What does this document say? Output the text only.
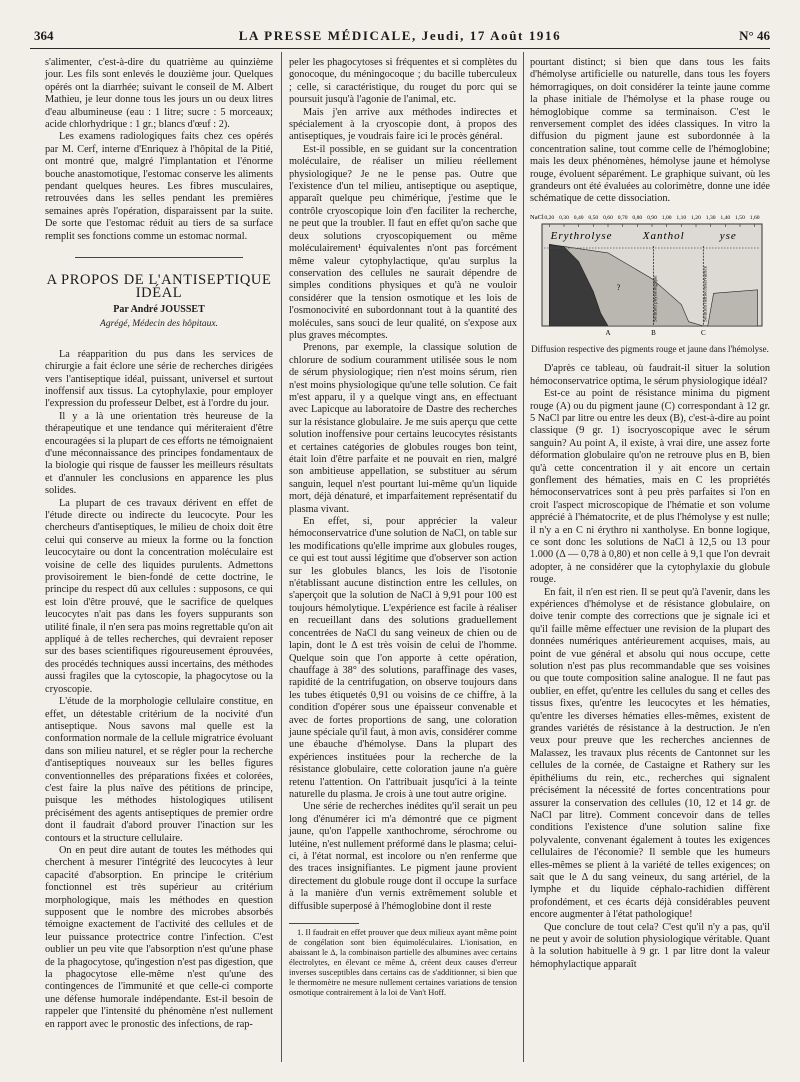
364	LA PRESSE MÉDICALE, Jeudi, 17 Août 1916	N° 46

s'alimenter, c'est-à-dire du quatrième au quinzième jour. Les fils sont enlevés le douzième jour. Quelques opérés ont la diarrhée; suivant le conseil de M. Albert Mathieu, je leur donne tous les jours un ou deux litres d'eau albumineuse (eau : 1 litre; sucre : 5 morceaux; acide chlorhydrique : 1 gr.; blancs d'œuf : 2).

Les examens radiologiques faits chez ces opérés par M. Cerf, interne d'Enriquez à l'hôpital de la Pitié, ont montré que, malgré l'implantation et l'énorme bouche anastomotique, l'estomac conserve les aliments pendant quelques heures. Les fibres musculaires, retrouvées dans les selles pendant les premières semaines après l'opération, disparaissent par la suite. De sorte que l'estomac réduit au tiers de sa surface remplit ses fonctions comme un estomac normal.

A PROPOS DE L'ANTISEPTIQUE IDÉAL
Par André JOUSSET
Agrégé, Médecin des hôpitaux.

La réapparition du pus dans les services de chirurgie a fait éclore une série de recherches dirigées vers l'antiseptique idéal, puissant, universel et surtout inoffensif aux tissus. La cytophylaxie, pour employer l'expression du professeur Delbet, est à l'ordre du jour.

Il y a là une orientation très heureuse de la thérapeutique et une tendance qui mériteraient d'être encouragées si la plupart de ces efforts ne témoignaient d'une méconnaissance des principes fondamentaux de la biologie qui risque de fausser les meilleurs résultats et d'annuler les conclusions en apparence les plus solides.

La plupart de ces travaux dérivent en effet de l'étude directe ou indirecte du leucocyte. Pour les chercheurs d'antiseptiques, le milieu de choix doit être celui qui conserve au mieux la forme ou la fonction leucocytaire ou dont la concentration moléculaire est voisine de celle des liquides purulents. Admettons provisoirement le bien-fondé de cette doctrine, le principe du respect dû aux cellules : supposons, ce qui est loin d'être prouvé, que le sacrifice de quelques leucocytes n'ait pas dans les foyers suppurants son utilité finale, il n'en sera pas moins regrettable qu'on ait appliqué à de telles recherches, qui devraient reposer sur des bases scientifiques rigoureusement éprouvées, des procédés techniques aussi incertains, des méthodes aussi fragiles que la cytoscopie, la phagocytose ou la cryoscopie.

L'étude de la morphologie cellulaire constitue, en effet, un détestable critérium de la nocivité d'un antiseptique. Nous savons mal quelle est la conformation normale de la cellule migratrice évoluant dans son milieu naturel, et se régler pour la recherche d'antiseptiques nouveaux sur les belles figures conventionnelles des préparations fixées et colorées, c'est faire la plus naïve des pétitions de principe, puisque les méthodes histologiques utilisent précisément des agents antiseptiques de premier ordre dont il faudrait d'abord prouver l'inaction sur les contours et la structure cellulaire.

On en peut dire autant de toutes les méthodes qui cherchent à mesurer l'intégrité des leucocytes à leur capacité d'absorption. En principe le critérium fonctionnel est très supérieur au critérium morphologique, mais les méthodes en question supposent que le nombre des microbes absorbés témoigne exactement de l'activité des cellules et de leur puissance protectrice contre l'infection. C'est oublier un peu vite que l'absorption n'est qu'une phase de la phagocytose, qu'ingestion n'est pas digestion, que la phagocytose elle-même n'est qu'une des contingences de l'immunité et que celle-ci comporte une défense humorale indépendante. Est-il besoin de rappeler que l'intensité du phénomène n'est nullement en rapport avec le pronostic des infections, de rap-

peler les phagocytoses si fréquentes et si complètes du gonocoque, du méningocoque ; du bacille tuberculeux ; celle, si caractéristique, du rouget du porc qui se poursuit jusqu'à l'agonie de l'animal, etc.

Mais j'en arrive aux méthodes indirectes et spécialement à la cryoscopie dont, à propos des antiseptiques, je voudrais faire ici le procès général.

Est-il possible, en se guidant sur la concentration moléculaire, de réaliser un milieu réellement physiologique? Je ne le pense pas. Outre que l'existence d'un tel milieu, antiseptique ou aseptique, apparaît quelque peu chimérique, j'estime que le contrôle cryoscopique loin d'en faciliter la recherche, ne peut que la troubler. Il faut en effet qu'on sache que deux solutions cryoscopiquement ou même moléculairement¹ équivalentes n'ont pas forcément même valeur cytophylactique, qu'au surplus la conservation des cellules ne saurait dépendre de simples conditions physiques et qu'à ne vouloir considérer que la tension osmotique et les lois de l'osmonocivité en subordonnant tout à la quantité des molécules, sans souci de leur qualité, on s'expose aux plus graves mécomptes.

Prenons, par exemple, la classique solution de chlorure de sodium couramment utilisée sous le nom de sérum physiologique; rien n'est moins sérum, rien n'est moins physiologique qu'une telle solution. Ce fait m'est apparu, il y a quelque vingt ans, en effectuant avec Lapicque au laboratoire de Dastre des recherches sur la résistance globulaire. Je me suis aperçu que cette solution inoffensive pour certains leucocytes résistants et certaines catégories de globules rouges bon teint, était loin d'être parfaite et ne pouvait en rien, malgré son ambitieuse appellation, se substituer au sérum sanguin, lequel n'est pourtant lui-même qu'un liquide mort, déjà dénaturé, et imparfaitement représentatif du plasma vivant.

En effet, si, pour apprécier la valeur hémoconservatrice d'une solution de NaCl, on table sur les modifications qu'elle imprime aux globules rouges, ce qui est tout aussi légitime que d'observer son action sur les globules blancs, les lois de l'isotonie n'établissant aucune distinction entre les cellules, on s'aperçoit que la solution de NaCl à 9,91 pour 100 est toujours hémolytique. L'expérience est facile à réaliser en recueillant dans des solutions graduellement concentrées de NaCl du sang veineux de chien ou de lapin, dont le Δ est très voisin de celui de l'homme. Quelque soin que l'on apporte à cette opération, chauffage à 38° des solutions, paraffinage des vases, rapidité de la centrifugation, on observe toujours dans les tubes étiquetés 0,91 ou voisins de ce chiffre, à la condition d'opérer sous une épaisseur convenable et avec de fortes proportions de sang, une coloration jaune spéciale qu'il faut, à mon avis, considérer comme une ébauche d'hémolyse. Dans la plupart des expériences instituées pour la recherche de la résistance globulaire, cette coloration jaune n'a guère retenu l'attention. On l'attribuait jusqu'ici à la teinte naturelle du plasma. Je crois à une tout autre origine.

Une série de recherches inédites qu'il serait un peu long d'énumérer ici m'a démontré que ce pigment jaune, qu'on l'appelle xanthochrome, sérochrome ou lutéine, n'est nullement préformé dans le plasma; celui-ci, à l'état normal, est incolore ou n'en renferme que des traces insignifiantes. Le pigment jaune provient directement du globule rouge dont il occupe la surface à la manière d'un vernis extrêmement soluble et diffusible superposé à l'hémoglobine dont il reste

1. Il faudrait en effet prouver que deux milieux ayant même point de congélation sont bien équimoléculaires. L'ionisation, en abaissant le Δ, la combinaison partielle des albumines avec certains électrolytes, en élevant ce même Δ, créent deux causes d'erreur inverses susceptibles dans certains cas de s'additionner, si bien que le thermomètre ne mesure nullement certaines variations de tension osmotique contrairement à la loi de Van't Hoff.

pourtant distinct; si bien que dans tous les faits d'hémolyse artificielle ou naturelle, dans tous les foyers hémorragiques, on doit considérer la teinte jaune comme la phase initiale de l'hémolyse et la phase rouge ou hémoglobique comme sa terminaison. C'est le renversement complet des idées classiques. In vitro la diffusion du pigment jaune est subordonnée à la concentration saline, tout comme celle de l'hémoglobine; mais les deux phénomènes, hémolyse jaune et hémolyse rouge, évoluent séparément. Le graphique suivant, où les grandeurs ont été évaluées au colorimètre, donne une idée schématique de cette dissociation.

NaCl 0,20 0,30 0,40 0,50 0,60 0,70 0,80 0,90 1,00 1,10 1,20 1,30 1,40 1,50 1,60
Erythrolyse	Xanthol	yse
Solution physiologique	Solution hémoconservatrice
?
A	B	C
Diffusion respective des pigments rouge et jaune dans l'hémolyse.

D'après ce tableau, où faudrait-il situer la solution hémoconservatrice optima, le sérum physiologique idéal?

Est-ce au point de résistance minima du pigment rouge (A) ou du pigment jaune (C) correspondant à 12 gr. 5 NaCl par litre ou entre les deux (B), c'est-à-dire au point classique (9 gr. 1) isocryoscopique avec le sérum sanguin? Au point A, il existe, à vrai dire, une assez forte déformation globulaire qu'on ne retrouve plus en B, bien qu'à cette concentration il y ait encore un certain gonflement des hématies, mais en C les propriétés hémoconservatrices sont à peu près parfaites si l'on en croit l'aspect microscopique de l'hématie et son volume apprécié à l'hématocrite, et de plus l'hémolyse y est nulle; il n'y a en C ni érythro ni xantholyse. En bonne logique, ce sont donc les solutions de NaCl à 12,5 ou 13 pour 1.000 (Δ — 0,78 à 0,80) et non celle à 9,1 que l'on devrait adopter, à ne considérer que la cytophylaxie du globule rouge.

En fait, il n'en est rien. Il se peut qu'à l'avenir, dans les expériences d'hémolyse et de résistance globulaire, on doive tenir compte des corrections que je signale ici et qu'il faille même effectuer une revision de la plupart des données numériques antérieurement acquises, mais, au point de vue général et absolu qui nous occupe, cette solution n'est pas plus recommandable que ses voisines ou que toute composition saline analogue. Il ne faut pas oublier, en effet, qu'entre les cellules du sang et celles des tissus fixes, qu'entre les leucocytes et les hématies, qu'entre les diverses hématies elles-mêmes, existent de grandes variétés de résistance à la destruction. Je n'en veux pour preuve que les recherches anciennes de Malassez, les travaux plus récents de Cantonnet sur les cellules de la cornée, de Castaigne et Rathery sur les épithéliums du rein, etc., recherches qui signalent précisément la nécessité de fortes concentrations pour assurer la conservation des cellules (10, 12 et 14 gr. de NaCl par litre). Comment concevoir dans de telles conditions l'existence d'une solution saline fixe polyvalente, convenant également à toutes les exigences cellulaires de l'économie? Il semble que les humeurs elles-mêmes se plient à la variété de telles exigences; on sait que le Δ du sang veineux, du sang artériel, de la lymphe et du liquide céphalo-rachidien diffèrent profondément, et ces écarts déjà considérables peuvent encore augmenter à l'état pathologique!

Que conclure de tout cela? C'est qu'il n'y a pas, qu'il ne peut y avoir de solution physiologique véritable. Quant à la solution habituelle à 9 gr. 1 par litre dont la valeur hémophylactique apparaît
